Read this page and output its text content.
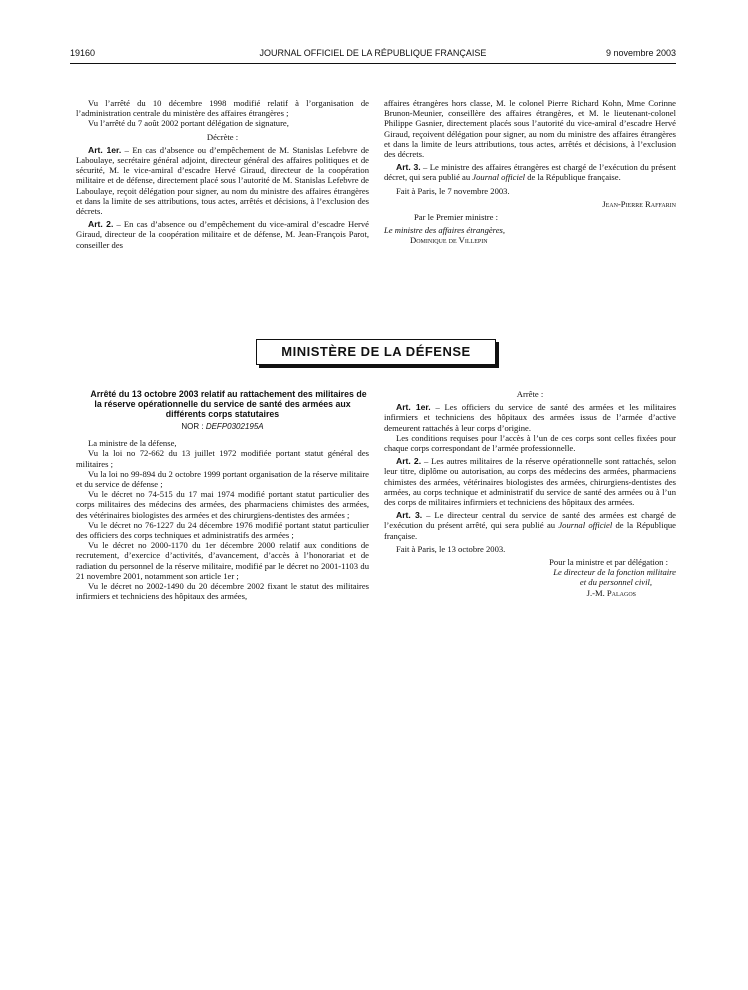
19160	JOURNAL OFFICIEL DE LA RÉPUBLIQUE FRANÇAISE	9 novembre 2003

Vu l’arrêté du 10 décembre 1998 modifié relatif à l’organisation de l’administration centrale du ministère des affaires étrangères ;

Vu l’arrêté du 7 août 2002 portant délégation de signature,

Décrète :

Art. 1er. – En cas d’absence ou d’empêchement de M. Stanislas Lefebvre de Laboulaye, secrétaire général adjoint, directeur général des affaires politiques et de sécurité, M. le vice-amiral d’escadre Hervé Giraud, directeur de la coopération militaire et de défense, directement placé sous l’autorité de M. Stanislas Lefebvre de Laboulaye, reçoit délégation pour signer, au nom du ministre des affaires étrangères et dans la limite de ses attributions, tous actes, arrêtés et décisions, à l’exclusion des décrets.

Art. 2. – En cas d’absence ou d’empêchement du vice-amiral d’escadre Hervé Giraud, directeur de la coopération militaire et de défense, M. Jean-François Parot, conseiller des

affaires étrangères hors classe, M. le colonel Pierre Richard Kohn, Mme Corinne Brunon-Meunier, conseillère des affaires étrangères, et M. le lieutenant-colonel Philippe Gasnier, directement placés sous l’autorité du vice-amiral d’escadre Hervé Giraud, reçoivent délégation pour signer, au nom du ministre des affaires étrangères et dans la limite de leurs attributions, tous actes, arrêtés et décisions, à l’exclusion des décrets.

Art. 3. – Le ministre des affaires étrangères est chargé de l’exécution du présent décret, qui sera publié au Journal officiel de la République française.

Fait à Paris, le 7 novembre 2003.

Jean-Pierre Raffarin

Par le Premier ministre :

Le ministre des affaires étrangères,

Dominique de Villepin

MINISTÈRE DE LA DÉFENSE

Arrêté du 13 octobre 2003 relatif au rattachement des militaires de la réserve opérationnelle du service de santé des armées aux différents corps statutaires

NOR : DEFP0302195A

La ministre de la défense,

Vu la loi no 72-662 du 13 juillet 1972 modifiée portant statut général des militaires ;

Vu la loi no 99-894 du 2 octobre 1999 portant organisation de la réserve militaire et du service de défense ;

Vu le décret no 74-515 du 17 mai 1974 modifié portant statut particulier des corps militaires des médecins des armées, des pharmaciens chimistes des armées, des vétérinaires biologistes des armées et des chirurgiens-dentistes des armées ;

Vu le décret no 76-1227 du 24 décembre 1976 modifié portant statut particulier des officiers des corps techniques et administratifs des armées ;

Vu le décret no 2000-1170 du 1er décembre 2000 relatif aux conditions de recrutement, d’exercice d’activités, d’avancement, d’accès à l’honorariat et de radiation du personnel de la réserve militaire, modifié par le décret no 2001-1103 du 21 novembre 2001, notamment son article 1er ;

Vu le décret no 2002-1490 du 20 décembre 2002 fixant le statut des militaires infirmiers et techniciens des hôpitaux des armées,

Arrête :

Art. 1er. – Les officiers du service de santé des armées et les militaires infirmiers et techniciens des hôpitaux des armées issus de l’armée d’active demeurent rattachés à leur corps d’origine.

Les conditions requises pour l’accès à l’un de ces corps sont celles fixées pour chaque corps correspondant de l’armée professionnelle.

Art. 2. – Les autres militaires de la réserve opérationnelle sont rattachés, selon leur titre, diplôme ou autorisation, au corps des médecins des armées, pharmaciens chimistes des armées, vétérinaires biologistes des armées, chirurgiens-dentistes des armées, au corps technique et administratif du service de santé des armées ou à l’un des corps de militaires infirmiers et techniciens des hôpitaux des armées.

Art. 3. – Le directeur central du service de santé des armées est chargé de l’exécution du présent arrêté, qui sera publié au Journal officiel de la République française.

Fait à Paris, le 13 octobre 2003.

Pour la ministre et par délégation :

Le directeur de la fonction militaire

et du personnel civil,

J.-M. Palagos
